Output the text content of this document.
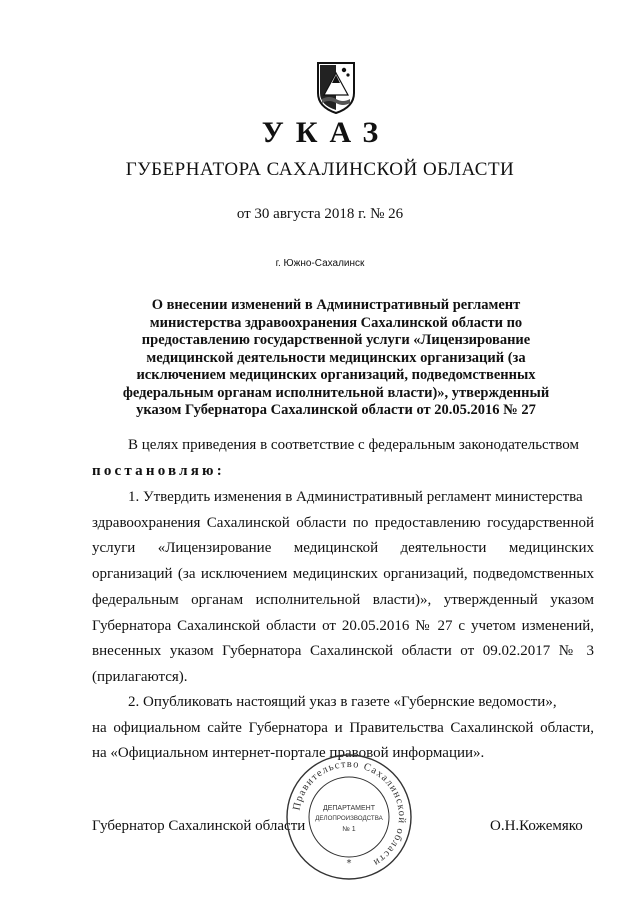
УКАЗ
ГУБЕРНАТОРА САХАЛИНСКОЙ ОБЛАСТИ
от 30 августа 2018 г. № 26
г. Южно-Сахалинск
О внесении изменений в Административный регламент
министерства здравоохранения Сахалинской области по
предоставлению государственной услуги «Лицензирование
медицинской деятельности медицинских организаций (за
исключением медицинских организаций, подведомственных
федеральным органам исполнительной власти)», утвержденный
указом Губернатора Сахалинской области от 20.05.2016 № 27
В целях приведения в соответствие с федеральным законодательством
постановляю:
1. Утвердить изменения в Административный регламент министерства
здравоохранения Сахалинской области по предоставлению государственной
услуги «Лицензирование медицинской деятельности медицинских
организаций (за исключением медицинских организаций, подведомственных
федеральным органам исполнительной власти)», утвержденный указом
Губернатора Сахалинской области от 20.05.2016 № 27 с учетом изменений,
внесенных указом Губернатора Сахалинской области от 09.02.2017 № 3
(прилагаются).
2. Опубликовать настоящий указ в газете «Губернские ведомости»,
на официальном сайте Губернатора и Правительства Сахалинской области,
на «Официальном интернет-портале правовой информации».
Губернатор Сахалинской области	О.Н.Кожемяко
Правительство Сахалинской области
ДЕПАРТАМЕНТ
ДЕЛОПРОИЗВОДСТВА
№ 1
*
